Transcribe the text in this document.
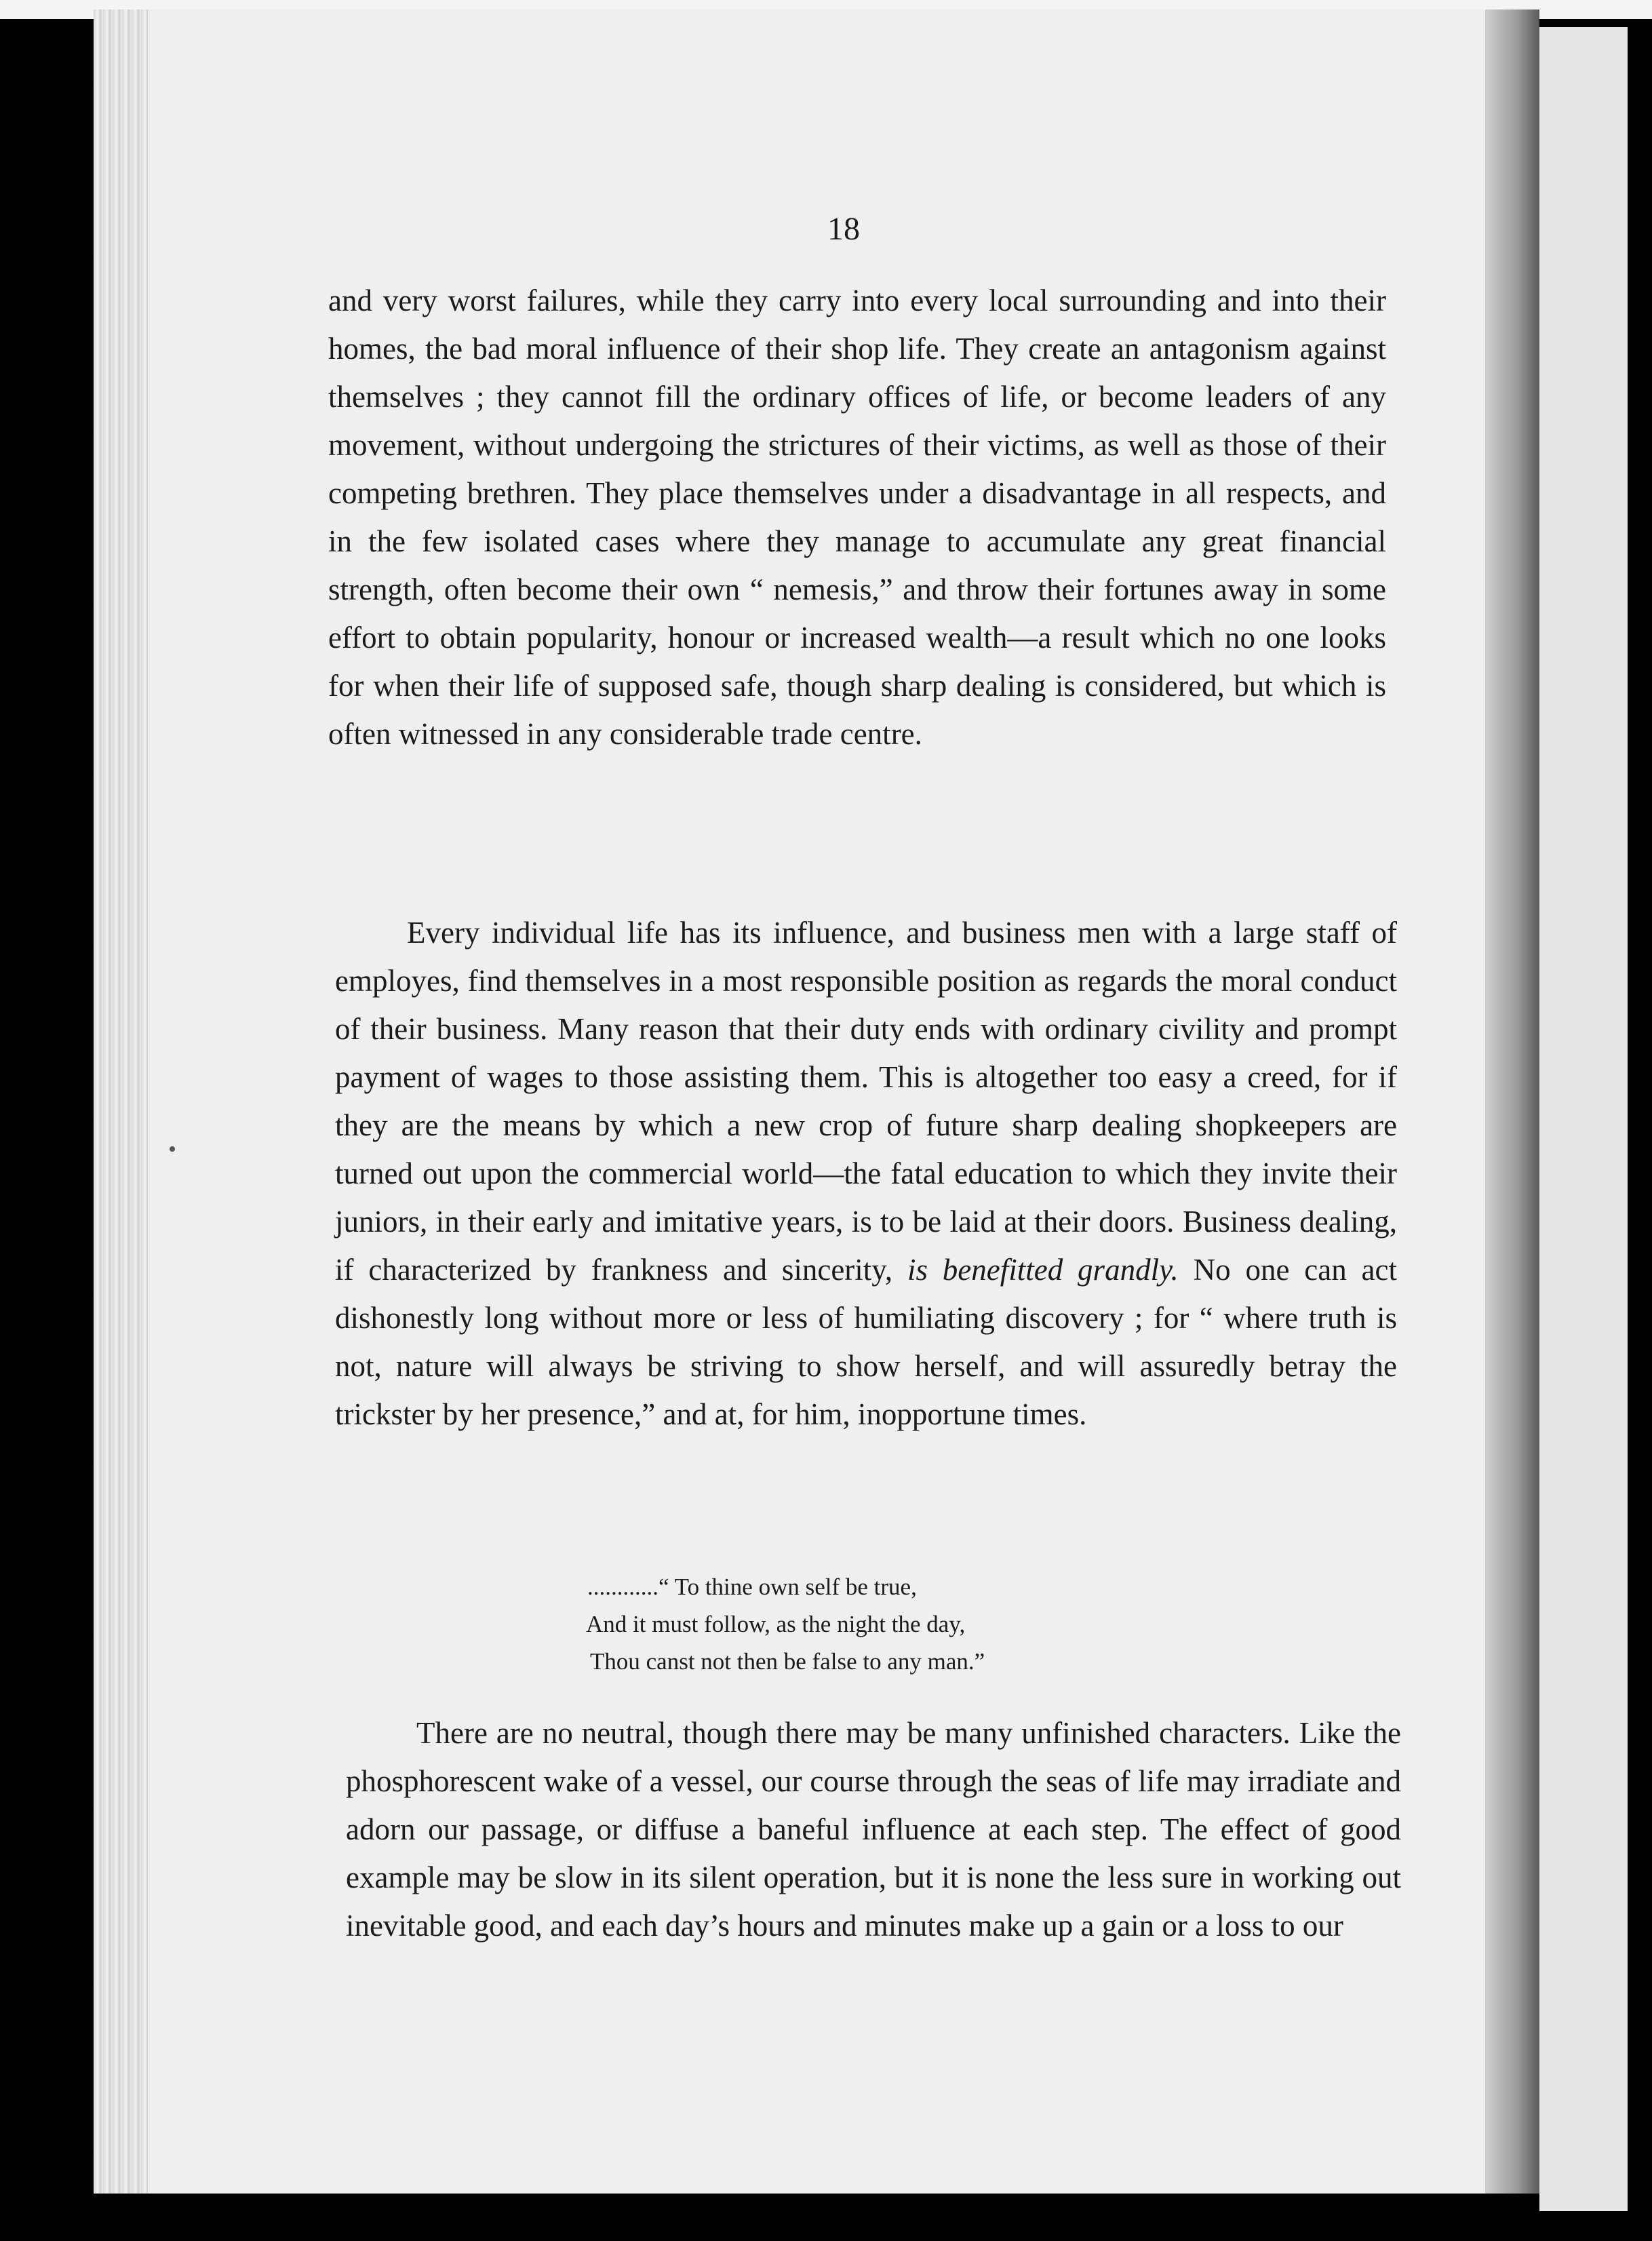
18

and very worst failures, while they carry into every local surrounding and into their homes, the bad moral influence of their shop life. They create an antagonism against themselves ; they cannot fill the ordinary offices of life, or become leaders of any movement, without undergoing the strictures of their victims, as well as those of their competing brethren. They place themselves under a disadvantage in all respects, and in the few isolated cases where they manage to accumulate any great financial strength, often become their own “ nemesis,” and throw their fortunes away in some effort to obtain popularity, honour or increased wealth—a result which no one looks for when their life of supposed safe, though sharp dealing is considered, but which is often witnessed in any considerable trade centre.

Every individual life has its influence, and business men with a large staff of employes, find themselves in a most responsible position as regards the moral conduct of their business. Many reason that their duty ends with ordinary civility and prompt payment of wages to those assisting them. This is altogether too easy a creed, for if they are the means by which a new crop of future sharp dealing shopkeepers are turned out upon the commercial world—the fatal education to which they invite their juniors, in their early and imitative years, is to be laid at their doors. Business dealing, if characterized by frankness and sincerity, is benefitted grandly. No one can act dishonestly long without more or less of humiliating discovery ; for “ where truth is not, nature will always be striving to show herself, and will assuredly betray the trickster by her presence,” and at, for him, inopportune times.

............“ To thine own self be true,
And it must follow, as the night the day,
Thou canst not then be false to any man.”

There are no neutral, though there may be many unfinished characters. Like the phosphorescent wake of a vessel, our course through the seas of life may irradiate and adorn our passage, or diffuse a baneful influence at each step. The effect of good example may be slow in its silent operation, but it is none the less sure in working out inevitable good, and each day’s hours and minutes make up a gain or a loss to our
